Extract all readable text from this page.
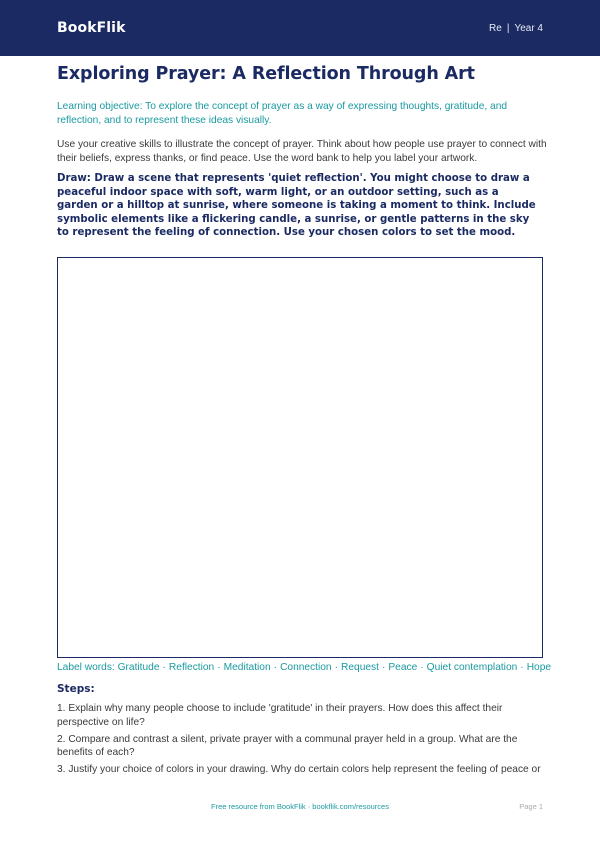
BookFlik	Re | Year 4
Exploring Prayer: A Reflection Through Art

Learning objective: To explore the concept of prayer as a way of expressing thoughts, gratitude, and reflection, and to represent these ideas visually.

Use your creative skills to illustrate the concept of prayer. Think about how people use prayer to connect with their beliefs, express thanks, or find peace. Use the word bank to help you label your artwork.

Draw: Draw a scene that represents 'quiet reflection'. You might choose to draw a peaceful indoor space with soft, warm light, or an outdoor setting, such as a garden or a hilltop at sunrise, where someone is taking a moment to think. Include symbolic elements like a flickering candle, a sunrise, or gentle patterns in the sky to represent the feeling of connection. Use your chosen colors to set the mood.

Label words: Gratitude · Reflection · Meditation · Connection · Request · Peace · Quiet contemplation · Hope
Steps:
1. Explain why many people choose to include 'gratitude' in their prayers. How does this affect their perspective on life?
2. Compare and contrast a silent, private prayer with a communal prayer held in a group. What are the benefits of each?
3. Justify your choice of colors in your drawing. Why do certain colors help represent the feeling of peace or
Free resource from BookFlik · bookflik.com/resources	Page 1
